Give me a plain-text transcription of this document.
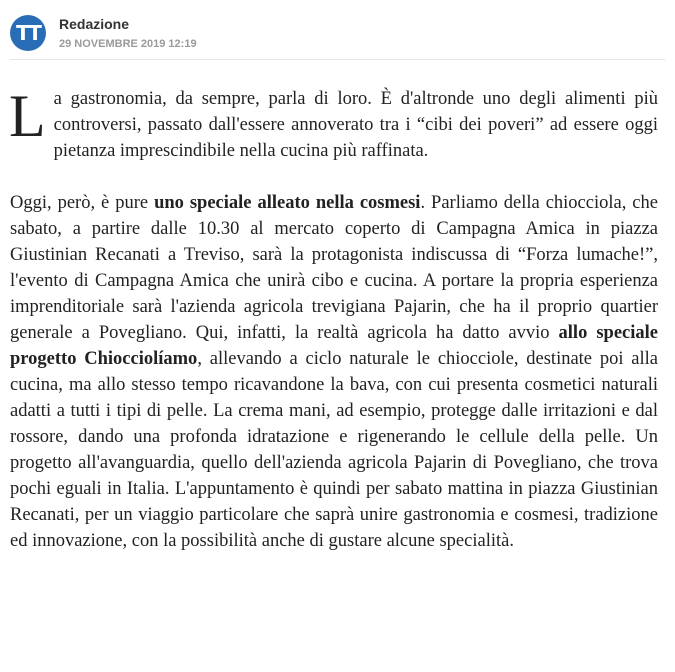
TT	Redazione
29 NOVEMBRE 2019 12:19

La gastronomia, da sempre, parla di loro. È d'altronde uno degli alimenti più controversi, passato dall'essere annoverato tra i “cibi dei poveri” ad essere oggi pietanza imprescindibile nella cucina più raffinata.

Oggi, però, è pure uno speciale alleato nella cosmesi. Parliamo della chiocciola, che sabato, a partire dalle 10.30 al mercato coperto di Campagna Amica in piazza Giustinian Recanati a Treviso, sarà la protagonista indiscussa di “Forza lumache!”, l'evento di Campagna Amica che unirà cibo e cucina. A portare la propria esperienza imprenditoriale sarà l'azienda agricola trevigiana Pajarin, che ha il proprio quartier generale a Povegliano. Qui, infatti, la realtà agricola ha datto avvio allo speciale progetto Chiocciolíamo, allevando a ciclo naturale le chiocciole, destinate poi alla cucina, ma allo stesso tempo ricavandone la bava, con cui presenta cosmetici naturali adatti a tutti i tipi di pelle. La crema mani, ad esempio, protegge dalle irritazioni e dal rossore, dando una profonda idratazione e rigenerando le cellule della pelle. Un progetto all'avanguardia, quello dell'azienda agricola Pajarin di Povegliano, che trova pochi eguali in Italia. L'appuntamento è quindi per sabato mattina in piazza Giustinian Recanati, per un viaggio particolare che saprà unire gastronomia e cosmesi, tradizione ed innovazione, con la possibilità anche di gustare alcune specialità.
